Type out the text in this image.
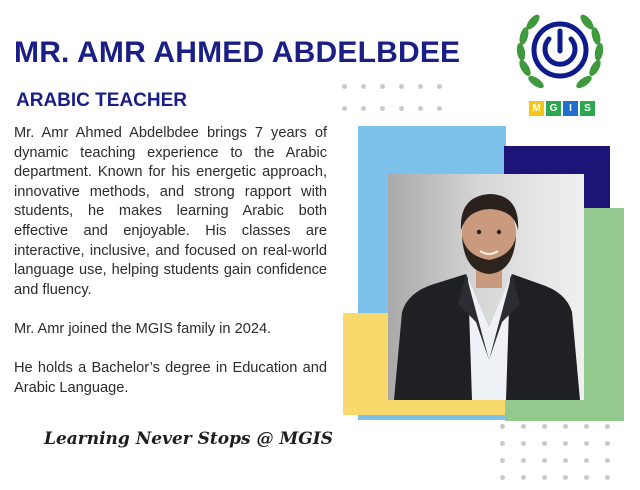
MR. AMR AHMED ABDELBDEE
ARABIC TEACHER

Mr. Amr Ahmed Abdelbdee brings 7 years of dynamic teaching experience to the Arabic department. Known for his energetic approach, innovative methods, and strong rapport with students, he makes learning Arabic both effective and enjoyable. His classes are interactive, inclusive, and focused on real-world language use, helping students gain confidence and fluency.

Mr. Amr joined the MGIS family in 2024.

He holds a Bachelor’s degree in Education and Arabic Language.

Learning Never Stops @ MGIS
M G	I	S
